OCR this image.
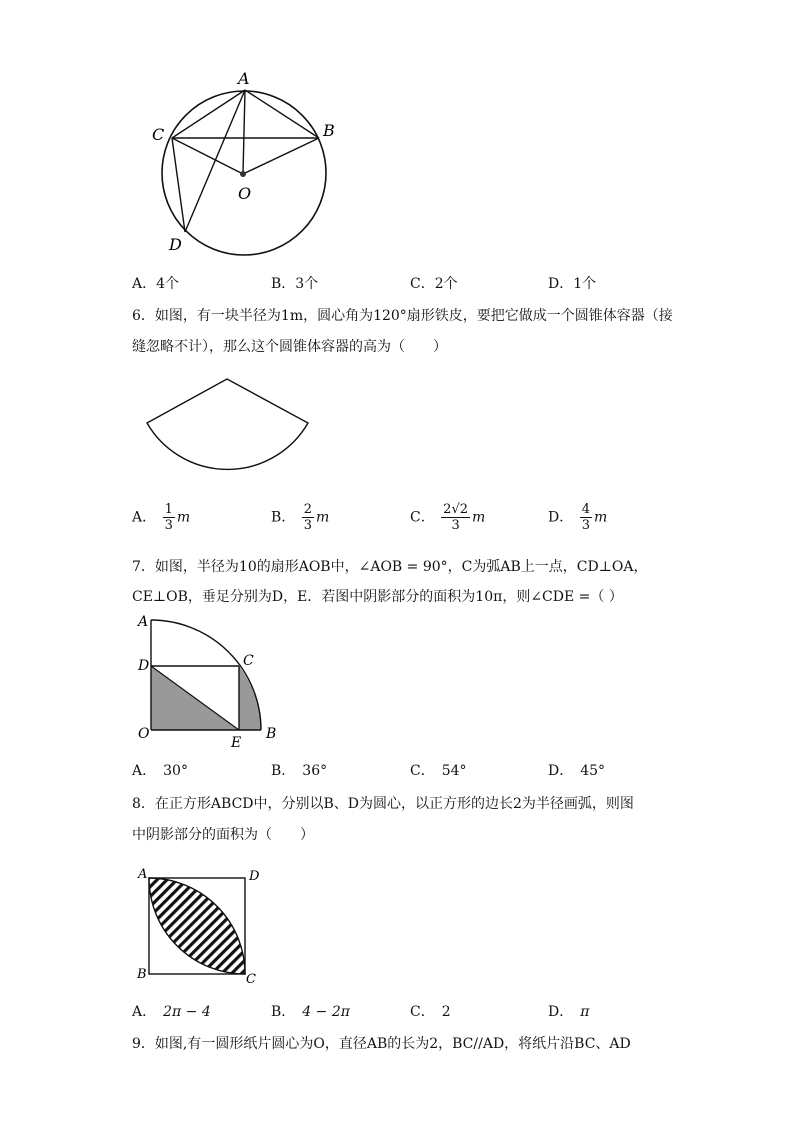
A
C	B
O
D
A．4个	B．3个	C．2个	D．1个
6．如图，有一块半径为1m，圆心角为120°扇形铁皮，要把它做成一个圆锥体容器（接
缝忽略不计），那么这个圆锥体容器的高为（　　）
A． $\frac{1}{3}$ m	B． $\frac{2}{3}$ m	C． $\frac{2√2}{3}$ m	D． $\frac{4}{3}$ m
7．如图，半径为10的扇形AOB中，∠AOB = 90°，C为弧AB上一点，CD⊥OA，
CE⊥OB，垂足分别为D，E．若图中阴影部分的面积为10π，则∠CDE =（ ）
A
D	C
O
E
B
A．  30°	B．  36°	C．  54°	D．  45°
8．在正方形ABCD中，分别以B、D为圆心，以正方形的边长2为半径画弧，则图
中阴影部分的面积为（　　）
A	D
B	C
A．  2π − 4	B．  4 − 2π	C．  2	D．  π
9．如图,有一圆形纸片圆心为O，直径AB的长为2，BC//AD，将纸片沿BC、AD
